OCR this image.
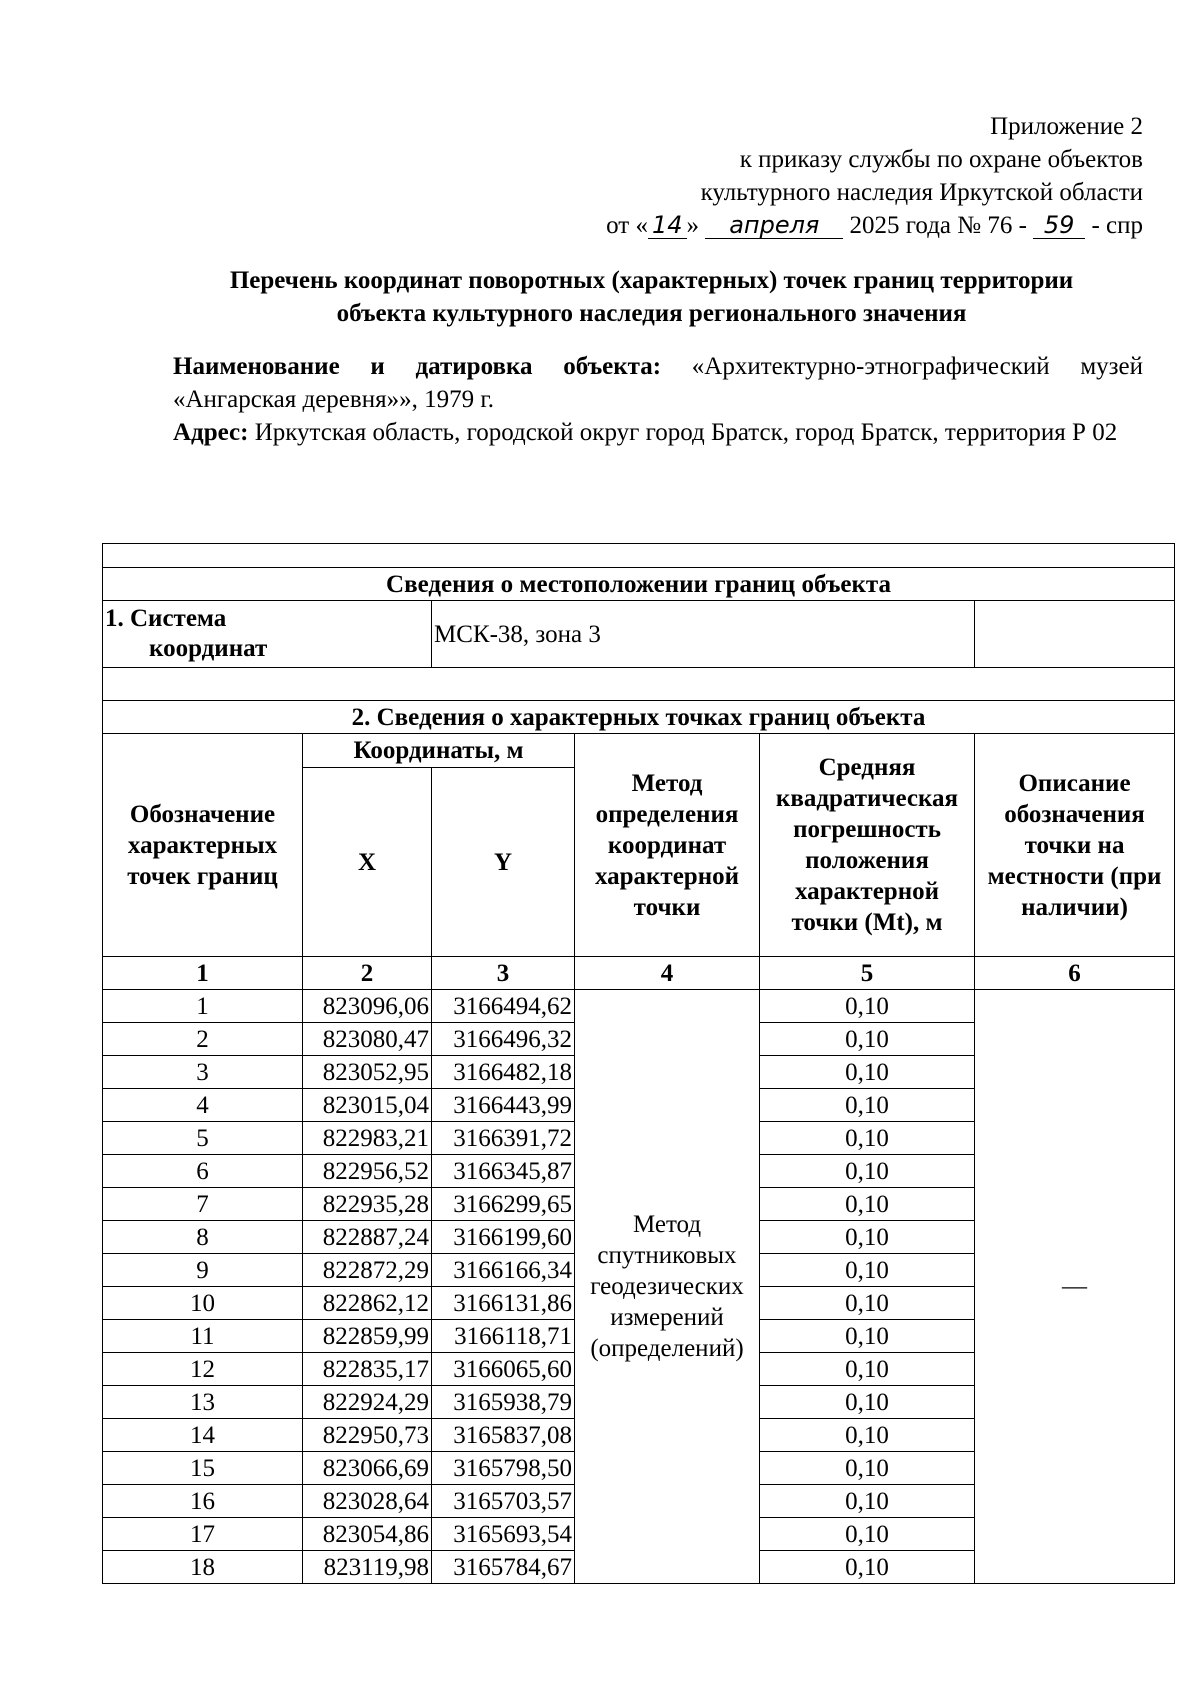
Приложение 2
к приказу службы по охране объектов
культурного наследия Иркутской области
от « 14 » апреля 2025 года № 76 - 59 - спр
Перечень координат поворотных (характерных) точек границ территории
объекта культурного наследия регионального значения

Наименование и датировка объекта: «Архитектурно-этнографический музей «Ангарская деревня»», 1979 г.

Адрес: Иркутская область, городской округ город Братск, город Братск, территория Р 02

Сведения о местоположении границ объекта					

1. Система
координат		МСК-38, зона 3			

2. Сведения о характерных точках границ объекта					
Обозначение характерных точек границ	Координаты, м		Метод определения координат характерной точки	Средняя квадратическая погрешность положения характерной точки (Mt), м	Описание обозначения точки на местности (при наличии)
	X	Y			
1	2	3	4	5	6
1	823096,06	3166494,62	Метод спутниковых геодезических измерений (определений)	0,10	—
2	823080,47	3166496,32		0,10	
3	823052,95	3166482,18		0,10	
4	823015,04	3166443,99		0,10	
5	822983,21	3166391,72		0,10	
6	822956,52	3166345,87		0,10	
7	822935,28	3166299,65		0,10	
8	822887,24	3166199,60		0,10	
9	822872,29	3166166,34		0,10	
10	822862,12	3166131,86		0,10	
11	822859,99	3166118,71		0,10	
12	822835,17	3166065,60		0,10	
13	822924,29	3165938,79		0,10	
14	822950,73	3165837,08		0,10	
15	823066,69	3165798,50		0,10	
16	823028,64	3165703,57		0,10	
17	823054,86	3165693,54		0,10	
18	823119,98	3165784,67		0,10	
